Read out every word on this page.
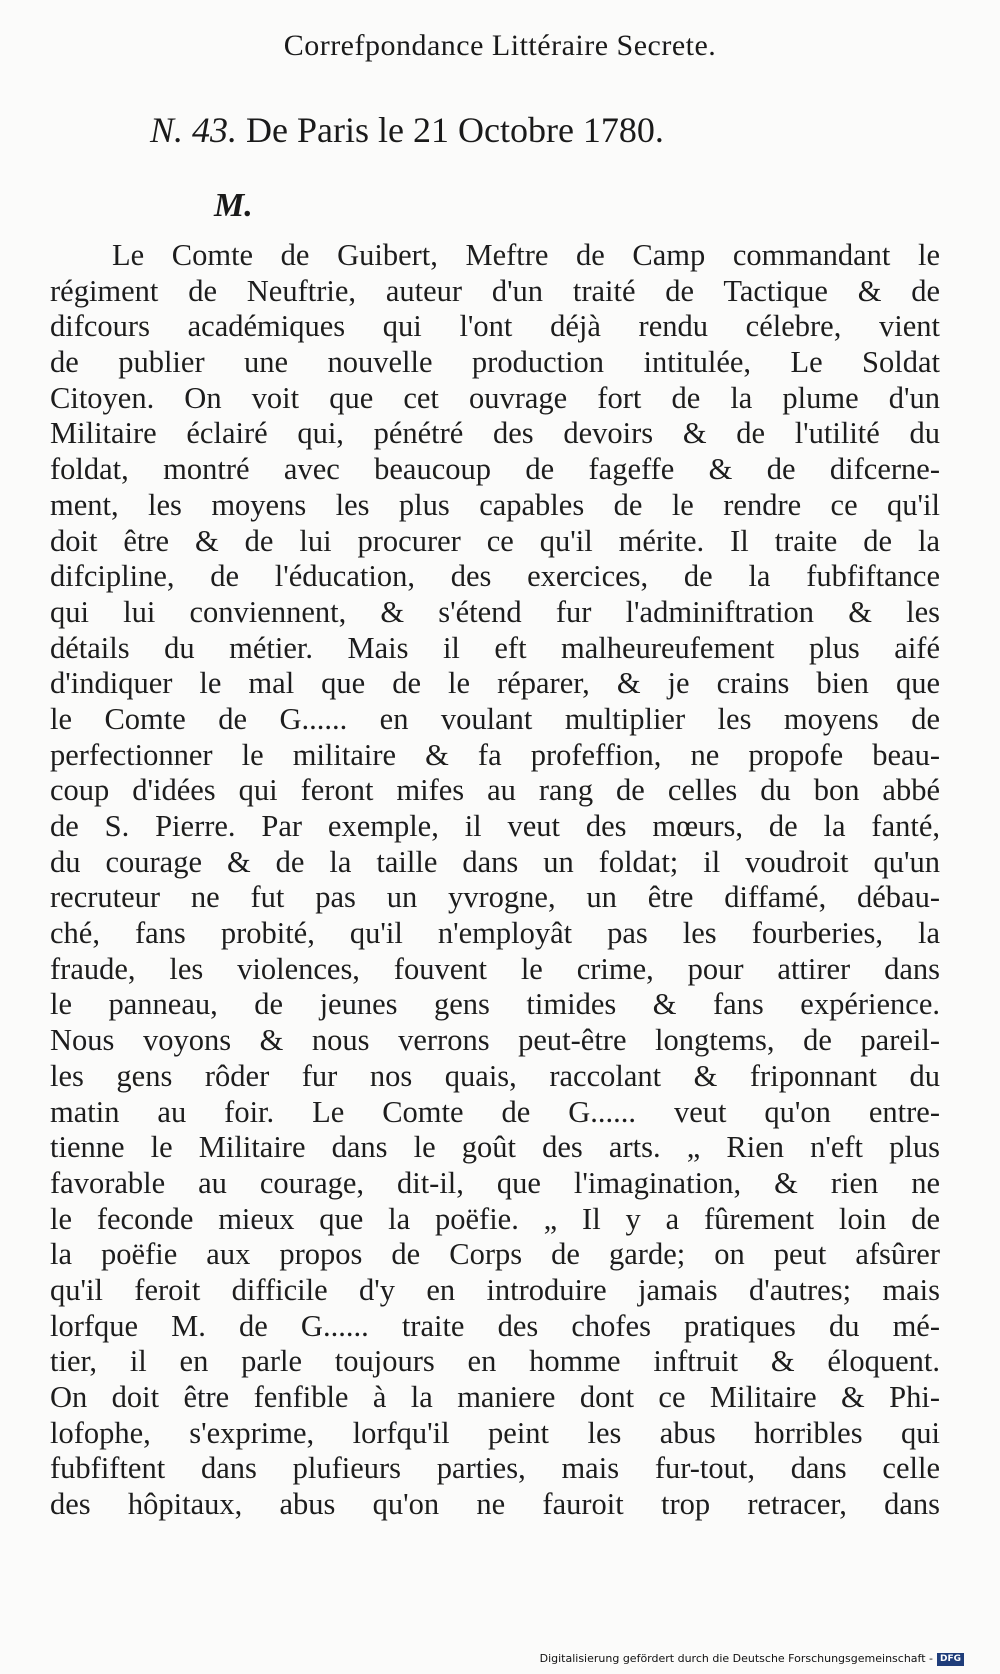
Correfpondance Littéraire Secrete.
N. 43. De Paris le 21 Octobre 1780.
M.
Le Comte de Guibert, Meftre de Camp commandant le
régiment de Neuftrie, auteur d'un traité de Tactique & de
difcours académiques qui l'ont déjà rendu célebre, vient
de publier une nouvelle production intitulée, Le Soldat
Citoyen. On voit que cet ouvrage fort de la plume d'un
Militaire éclairé qui, pénétré des devoirs & de l'utilité du
foldat, montré avec beaucoup de fageffe & de difcerne-
ment, les moyens les plus capables de le rendre ce qu'il
doit être & de lui procurer ce qu'il mérite. Il traite de la
difcipline, de l'éducation, des exercices, de la fubfiftance
qui lui conviennent, & s'étend fur l'adminiftration & les
détails du métier. Mais il eft malheureufement plus aifé
d'indiquer le mal que de le réparer, & je crains bien que
le Comte de G...... en voulant multiplier les moyens de
perfectionner le militaire & fa profeffion, ne propofe beau-
coup d'idées qui feront mifes au rang de celles du bon abbé
de S. Pierre. Par exemple, il veut des mœurs, de la fanté,
du courage & de la taille dans un foldat; il voudroit qu'un
recruteur ne fut pas un yvrogne, un être diffamé, débau-
ché, fans probité, qu'il n'employât pas les fourberies, la
fraude, les violences, fouvent le crime, pour attirer dans
le panneau, de jeunes gens timides & fans expérience.
Nous voyons & nous verrons peut-être longtems, de pareil-
les gens rôder fur nos quais, raccolant & friponnant du
matin au foir. Le Comte de G...... veut qu'on entre-
tienne le Militaire dans le goût des arts. „ Rien n'eft plus
favorable au courage, dit-il, que l'imagination, & rien ne
le feconde mieux que la poëfie. „ Il y a fûrement loin de
la poëfie aux propos de Corps de garde; on peut afsûrer
qu'il feroit difficile d'y en introduire jamais d'autres; mais
lorfque M. de G...... traite des chofes pratiques du mé-
tier, il en parle toujours en homme inftruit & éloquent.
On doit être fenfible à la maniere dont ce Militaire & Phi-
lofophe, s'exprime, lorfqu'il peint les abus horribles qui
fubfiftent dans plufieurs parties, mais fur-tout, dans celle
des hôpitaux, abus qu'on ne fauroit trop retracer, dans
Digitalisierung gefördert durch die Deutsche Forschungsgemeinschaft - DFG
